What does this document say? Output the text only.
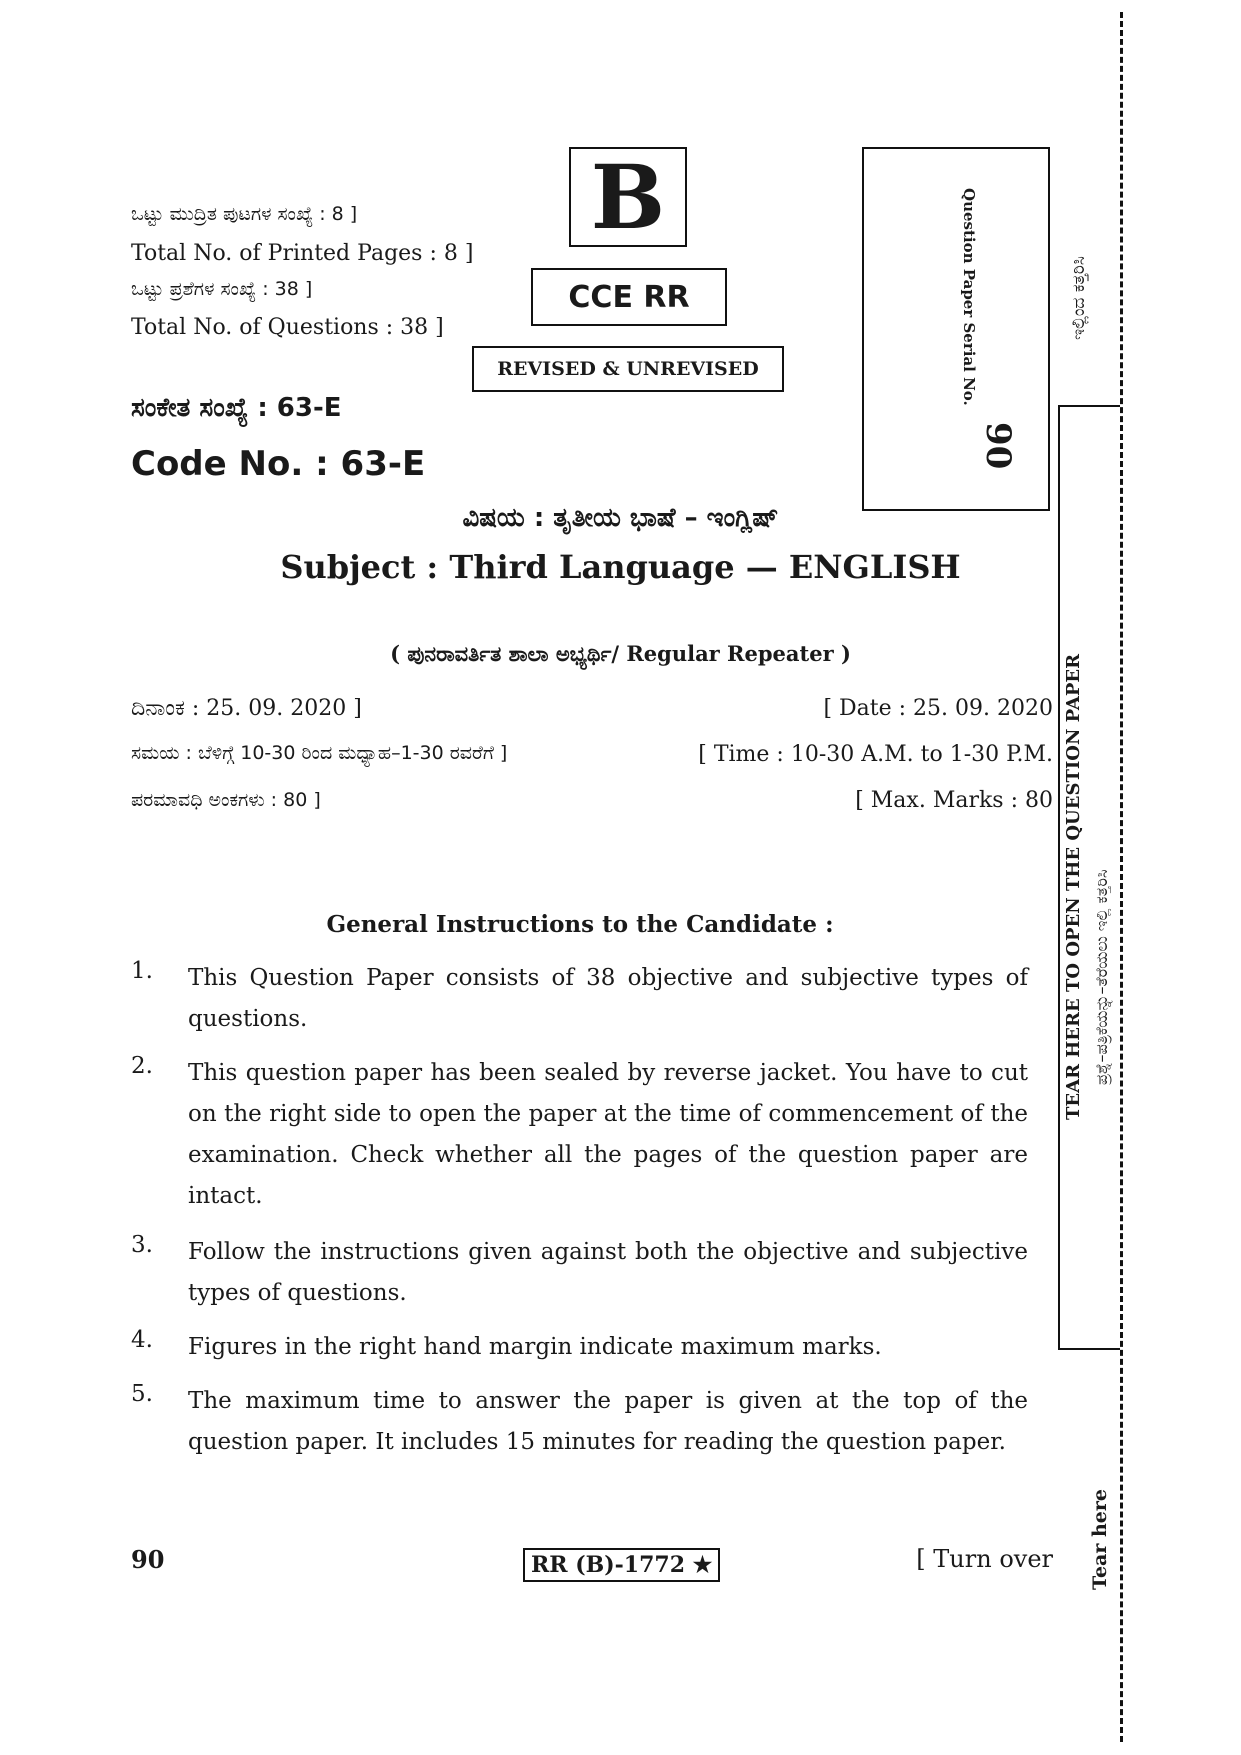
ಒಟ್ಟು ಮುದ್ರಿತ ಪುಟಗಳ ಸಂಖ್ಯೆ : 8 ]
Total No. of Printed Pages : 8 ]
ಒಟ್ಟು ಪ್ರಶೆಗಳ ಸಂಖ್ಯೆ : 38 ]
Total No. of Questions : 38 ]
B
CCE RR
REVISED & UNREVISED	Question Paper Serial No.
90
ಸಂಕೇತ ಸಂಖ್ಯೆ : 63-E
Code No. : 63-E
ವಿಷಯ : ತೃತೀಯ ಭಾಷೆ – ಇಂಗ್ಲಿಷ್
Subject : Third Language — ENGLISH
( ಪುನರಾವರ್ತಿತ ಶಾಲಾ ಅಭ್ಯರ್ಥಿ/ Regular Repeater )
ದಿನಾಂಕ : 25. 09. 2020 ]	[ Date : 25. 09. 2020
ಸಮಯ : ಬೆಳಿಗ್ಗೆ 10-30 ರಿಂದ ಮಧ್ಯಾಹ–1-30 ರವರೆಗೆ ]	[ Time : 10-30 A.M. to 1-30 P.M.
ಪರಮಾವಧಿ ಅಂಕಗಳು : 80 ]	[ Max. Marks : 80
General Instructions to the Candidate :
1. This Question Paper consists of 38 objective and subjective types of questions.
2. This question paper has been sealed by reverse jacket. You have to cut on the right side to open the paper at the time of commencement of the examination. Check whether all the pages of the question paper are intact.
3. Follow the instructions given against both the objective and subjective types of questions.
4. Figures in the right hand margin indicate maximum marks.
5. The maximum time to answer the paper is given at the top of the question paper. It includes 15 minutes for reading the question paper.
90	RR (B)-1772 ★	[ Turn over
ಇಲ್ಲಿಂದ ಕತ್ತರಿಸಿ
TEAR HERE TO OPEN THE QUESTION PAPER ಪ್ರಶ್ನೆ–ಪತ್ರಿಕೆಯನ್ನು–ತೆರೆಯಲು ಇಲ್ಲಿ ಕತ್ತರಿಸಿ
Tear here
